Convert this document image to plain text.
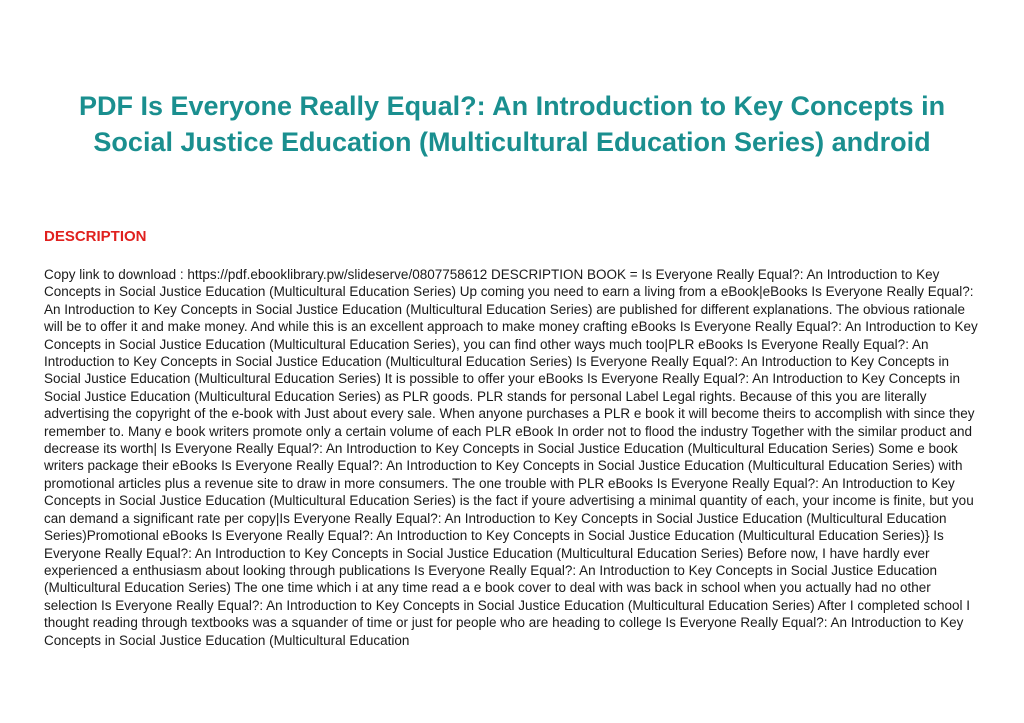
PDF Is Everyone Really Equal?: An Introduction to Key Concepts in Social Justice Education (Multicultural Education Series) android
DESCRIPTION

Copy link to download : https://pdf.ebooklibrary.pw/slideserve/0807758612 DESCRIPTION BOOK = Is Everyone Really Equal?: An Introduction to Key Concepts in Social Justice Education (Multicultural Education Series) Up coming you need to earn a living from a eBook|eBooks Is Everyone Really Equal?: An Introduction to Key Concepts in Social Justice Education (Multicultural Education Series) are published for different explanations. The obvious rationale will be to offer it and make money. And while this is an excellent approach to make money crafting eBooks Is Everyone Really Equal?: An Introduction to Key Concepts in Social Justice Education (Multicultural Education Series), you can find other ways much too|PLR eBooks Is Everyone Really Equal?: An Introduction to Key Concepts in Social Justice Education (Multicultural Education Series) Is Everyone Really Equal?: An Introduction to Key Concepts in Social Justice Education (Multicultural Education Series) It is possible to offer your eBooks Is Everyone Really Equal?: An Introduction to Key Concepts in Social Justice Education (Multicultural Education Series) as PLR goods. PLR stands for personal Label Legal rights. Because of this you are literally advertising the copyright of the e-book with Just about every sale. When anyone purchases a PLR e book it will become theirs to accomplish with since they remember to. Many e book writers promote only a certain volume of each PLR eBook In order not to flood the industry Together with the similar product and decrease its worth| Is Everyone Really Equal?: An Introduction to Key Concepts in Social Justice Education (Multicultural Education Series) Some e book writers package their eBooks Is Everyone Really Equal?: An Introduction to Key Concepts in Social Justice Education (Multicultural Education Series) with promotional articles plus a revenue site to draw in more consumers. The one trouble with PLR eBooks Is Everyone Really Equal?: An Introduction to Key Concepts in Social Justice Education (Multicultural Education Series) is the fact if youre advertising a minimal quantity of each, your income is finite, but you can demand a significant rate per copy|Is Everyone Really Equal?: An Introduction to Key Concepts in Social Justice Education (Multicultural Education Series)Promotional eBooks Is Everyone Really Equal?: An Introduction to Key Concepts in Social Justice Education (Multicultural Education Series)} Is Everyone Really Equal?: An Introduction to Key Concepts in Social Justice Education (Multicultural Education Series) Before now, I have hardly ever experienced a enthusiasm about looking through publications Is Everyone Really Equal?: An Introduction to Key Concepts in Social Justice Education (Multicultural Education Series) The one time which i at any time read a e book cover to deal with was back in school when you actually had no other selection Is Everyone Really Equal?: An Introduction to Key Concepts in Social Justice Education (Multicultural Education Series) After I completed school I thought reading through textbooks was a squander of time or just for people who are heading to college Is Everyone Really Equal?: An Introduction to Key Concepts in Social Justice Education (Multicultural Education
